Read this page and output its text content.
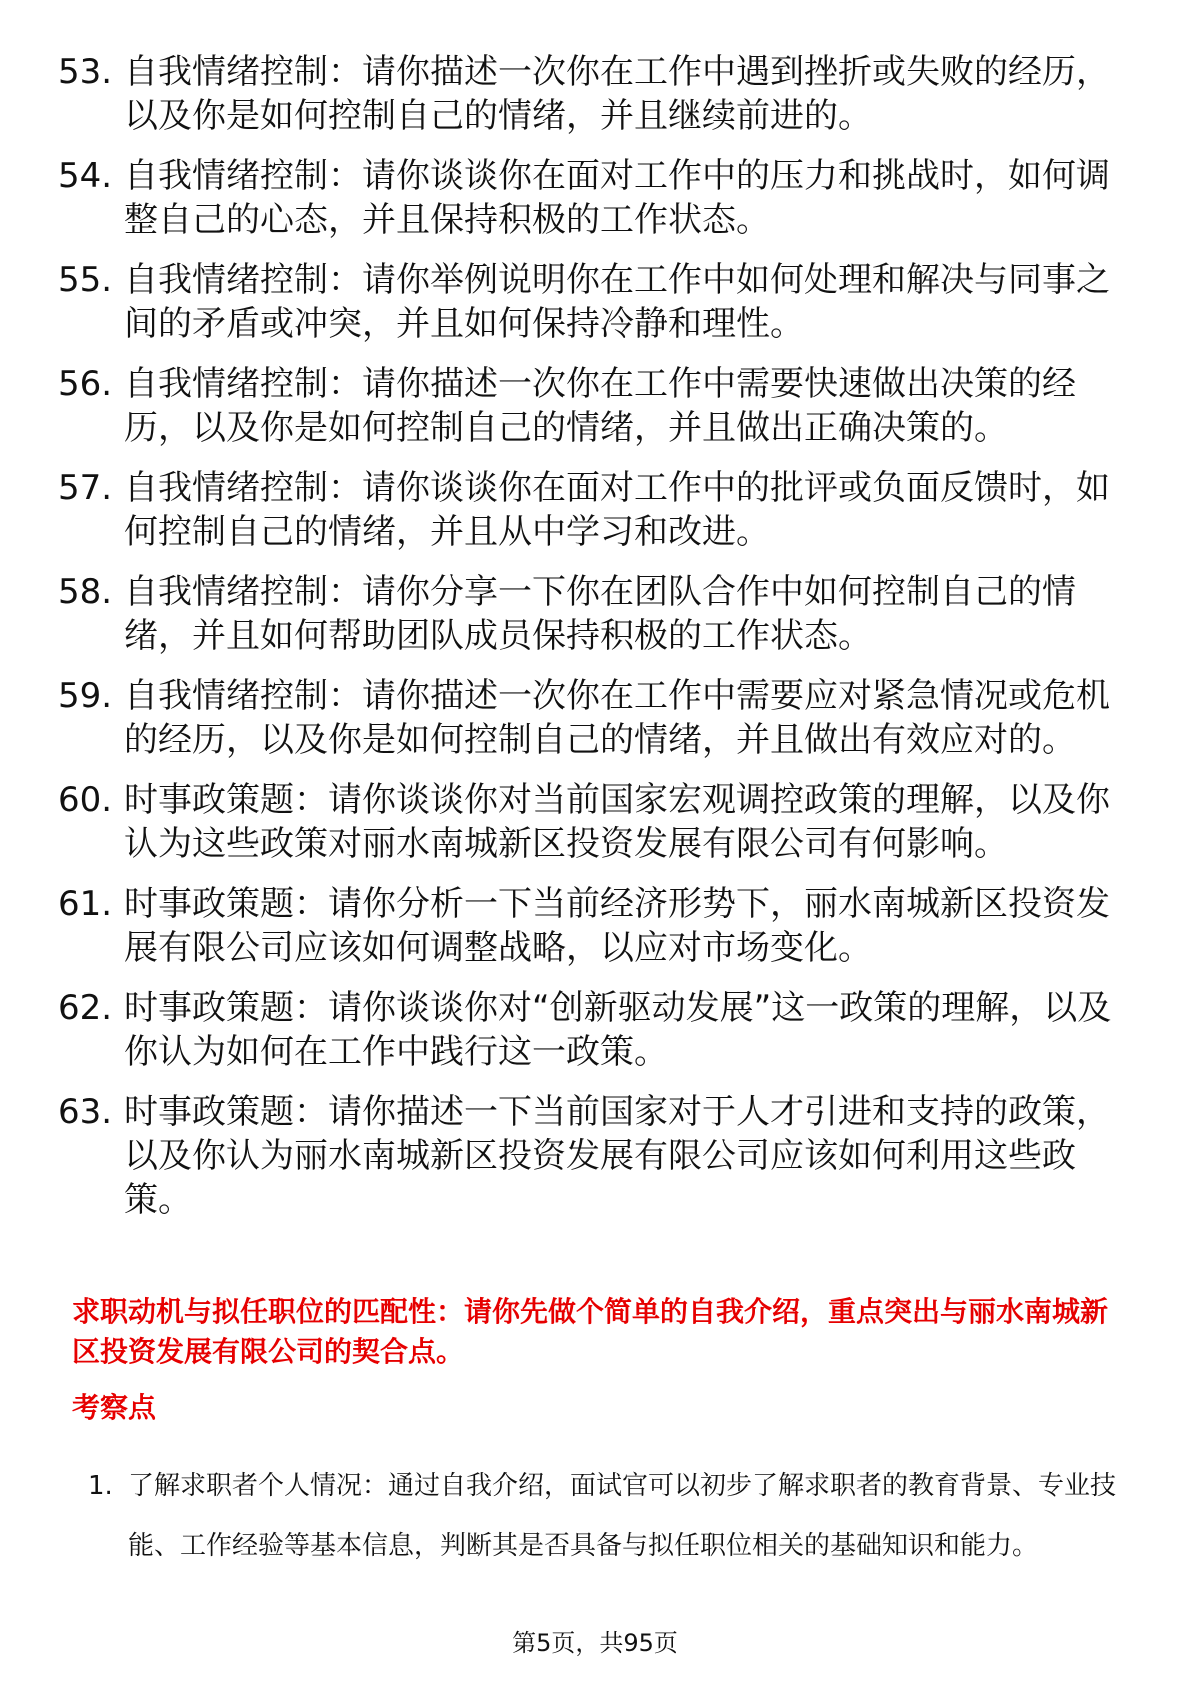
53. 自我情绪控制：请你描述一次你在工作中遇到挫折或失败的经历，以及你是如何控制自己的情绪，并且继续前进的。
54. 自我情绪控制：请你谈谈你在面对工作中的压力和挑战时，如何调整自己的心态，并且保持积极的工作状态。
55. 自我情绪控制：请你举例说明你在工作中如何处理和解决与同事之间的矛盾或冲突，并且如何保持冷静和理性。
56. 自我情绪控制：请你描述一次你在工作中需要快速做出决策的经历，以及你是如何控制自己的情绪，并且做出正确决策的。
57. 自我情绪控制：请你谈谈你在面对工作中的批评或负面反馈时，如何控制自己的情绪，并且从中学习和改进。
58. 自我情绪控制：请你分享一下你在团队合作中如何控制自己的情绪，并且如何帮助团队成员保持积极的工作状态。
59. 自我情绪控制：请你描述一次你在工作中需要应对紧急情况或危机的经历，以及你是如何控制自己的情绪，并且做出有效应对的。
60. 时事政策题：请你谈谈你对当前国家宏观调控政策的理解，以及你认为这些政策对丽水南城新区投资发展有限公司有何影响。
61. 时事政策题：请你分析一下当前经济形势下，丽水南城新区投资发展有限公司应该如何调整战略，以应对市场变化。
62. 时事政策题：请你谈谈你对“创新驱动发展”这一政策的理解，以及你认为如何在工作中践行这一政策。
63. 时事政策题：请你描述一下当前国家对于人才引进和支持的政策，以及你认为丽水南城新区投资发展有限公司应该如何利用这些政策。
求职动机与拟任职位的匹配性：请你先做个简单的自我介绍，重点突出与丽水南城新区投资发展有限公司的契合点。
考察点
1. 了解求职者个人情况：通过自我介绍，面试官可以初步了解求职者的教育背景、专业技能、工作经验等基本信息，判断其是否具备与拟任职位相关的基础知识和能力。
第5页，共95页
